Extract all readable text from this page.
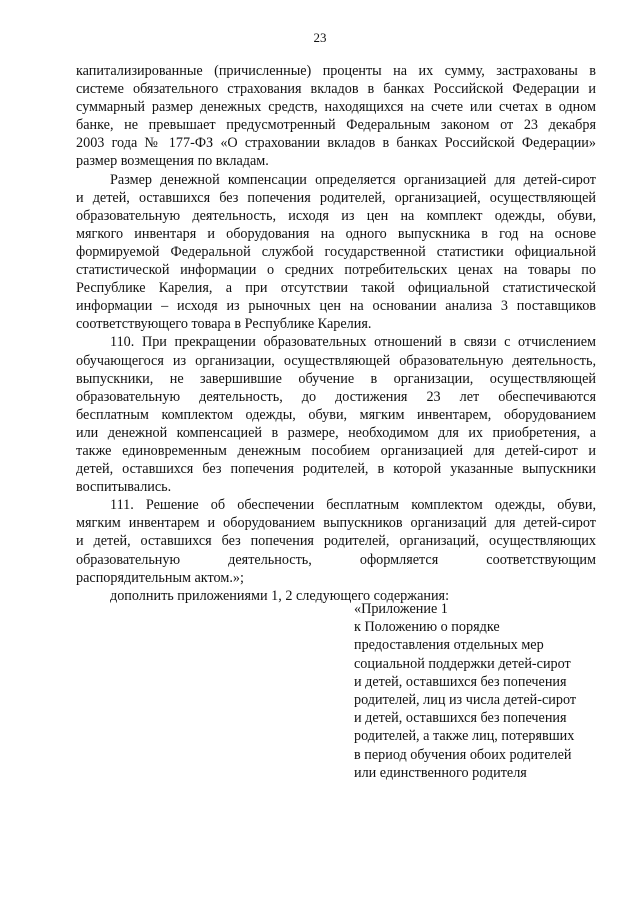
23
капитализированные (причисленные) проценты на их сумму, застрахованы в
системе обязательного страхования вкладов в банках Российской Федерации и
суммарный размер денежных средств, находящихся на счете или счетах в одном
банке, не превышает предусмотренный Федеральным законом от 23 декабря
2003 года № 177-ФЗ «О страховании вкладов в банках Российской Федерации»
размер возмещения по вкладам.
Размер денежной компенсации определяется организацией для детей-сирот
и детей, оставшихся без попечения родителей, организацией, осуществляющей
образовательную деятельность, исходя из цен на комплект одежды, обуви,
мягкого инвентаря и оборудования на одного выпускника в год на основе
формируемой Федеральной службой государственной статистики официальной
статистической информации о средних потребительских ценах на товары по
Республике Карелия, а при отсутствии такой официальной статистической
информации – исходя из рыночных цен на основании анализа 3 поставщиков
соответствующего товара в Республике Карелия.
110. При прекращении образовательных отношений в связи с отчислением
обучающегося из организации, осуществляющей образовательную деятельность,
выпускники, не завершившие обучение в организации, осуществляющей
образовательную деятельность, до достижения 23 лет обеспечиваются
бесплатным комплектом одежды, обуви, мягким инвентарем, оборудованием
или денежной компенсацией в размере, необходимом для их приобретения, а
также единовременным денежным пособием организацией для детей-сирот и
детей, оставшихся без попечения родителей, в которой указанные выпускники
воспитывались.
111. Решение об обеспечении бесплатным комплектом одежды, обуви,
мягким инвентарем и оборудованием выпускников организаций для детей-сирот
и детей, оставшихся без попечения родителей, организаций, осуществляющих
образовательную деятельность, оформляется соответствующим
распорядительным актом.»;
дополнить приложениями 1, 2 следующего содержания:
«Приложение 1
к Положению о порядке
предоставления отдельных мер
социальной поддержки детей-сирот
и детей, оставшихся без попечения
родителей, лиц из числа детей-сирот
и детей, оставшихся без попечения
родителей, а также лиц, потерявших
в период обучения обоих родителей
или единственного родителя
